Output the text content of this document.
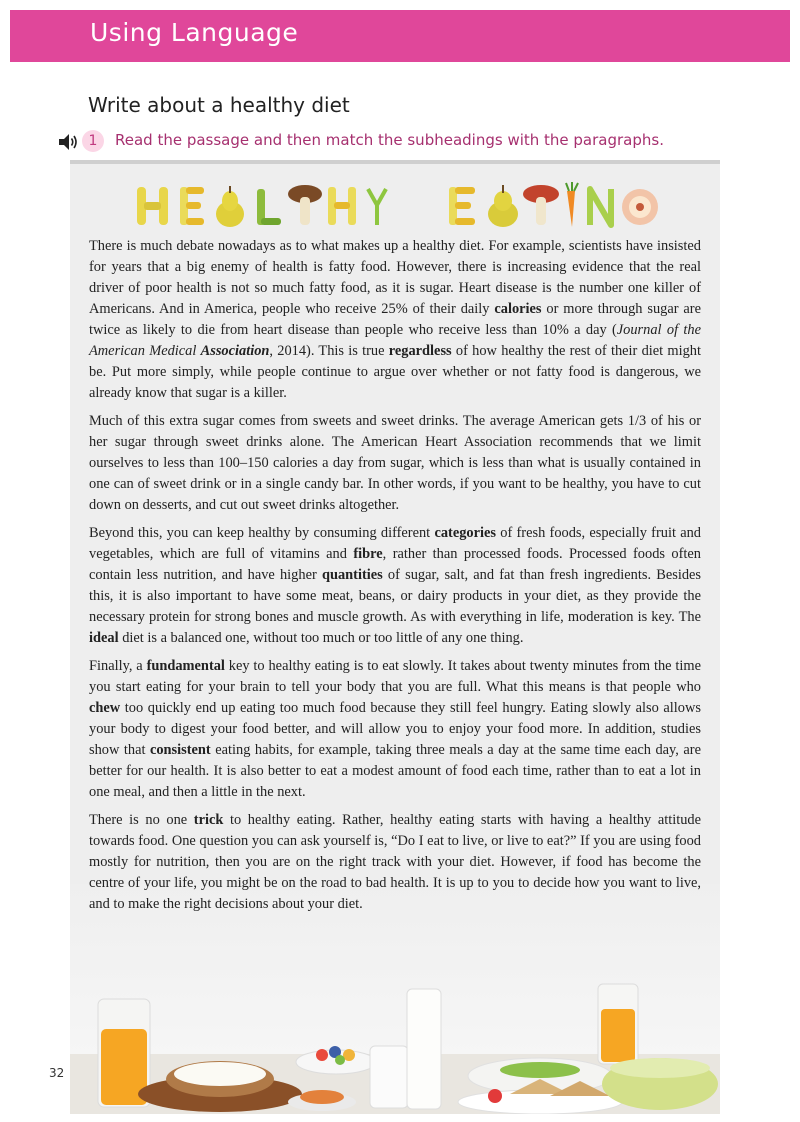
Using Language
Write about a healthy diet
1	Read the passage and then match the subheadings with the paragraphs.

There is much debate nowadays as to what makes up a healthy diet. For example, scientists have insisted for years that a big enemy of health is fatty food. However, there is increasing evidence that the real driver of poor health is not so much fatty food, as it is sugar. Heart disease is the number one killer of Americans. And in America, people who receive 25% of their daily calories or more through sugar are twice as likely to die from heart disease than people who receive less than 10% a day (Journal of the American Medical Association, 2014). This is true regardless of how healthy the rest of their diet might be. Put more simply, while people continue to argue over whether or not fatty food is dangerous, we already know that sugar is a killer.

Much of this extra sugar comes from sweets and sweet drinks. The average American gets 1/3 of his or her sugar through sweet drinks alone. The American Heart Association recommends that we limit ourselves to less than 100–150 calories a day from sugar, which is less than what is usually contained in one can of sweet drink or in a single candy bar. In other words, if you want to be healthy, you have to cut down on desserts, and cut out sweet drinks altogether.

Beyond this, you can keep healthy by consuming different categories of fresh foods, especially fruit and vegetables, which are full of vitamins and fibre, rather than processed foods. Processed foods often contain less nutrition, and have higher quantities of sugar, salt, and fat than fresh ingredients. Besides this, it is also important to have some meat, beans, or dairy products in your diet, as they provide the necessary protein for strong bones and muscle growth. As with everything in life, moderation is key. The ideal diet is a balanced one, without too much or too little of any one thing.

Finally, a fundamental key to healthy eating is to eat slowly. It takes about twenty minutes from the time you start eating for your brain to tell your body that you are full. What this means is that people who chew too quickly end up eating too much food because they still feel hungry. Eating slowly also allows your body to digest your food better, and will allow you to enjoy your food more. In addition, studies show that consistent eating habits, for example, taking three meals a day at the same time each day, are better for our health. It is also better to eat a modest amount of food each time, rather than to eat a lot in one meal, and then a little in the next.

There is no one trick to healthy eating. Rather, healthy eating starts with having a healthy attitude towards food. One question you can ask yourself is, “Do I eat to live, or live to eat?” If you are using food mostly for nutrition, then you are on the right track with your diet. However, if food has become the centre of your life, you might be on the road to bad health. It is up to you to decide how you want to live, and to make the right decisions about your diet.

32
